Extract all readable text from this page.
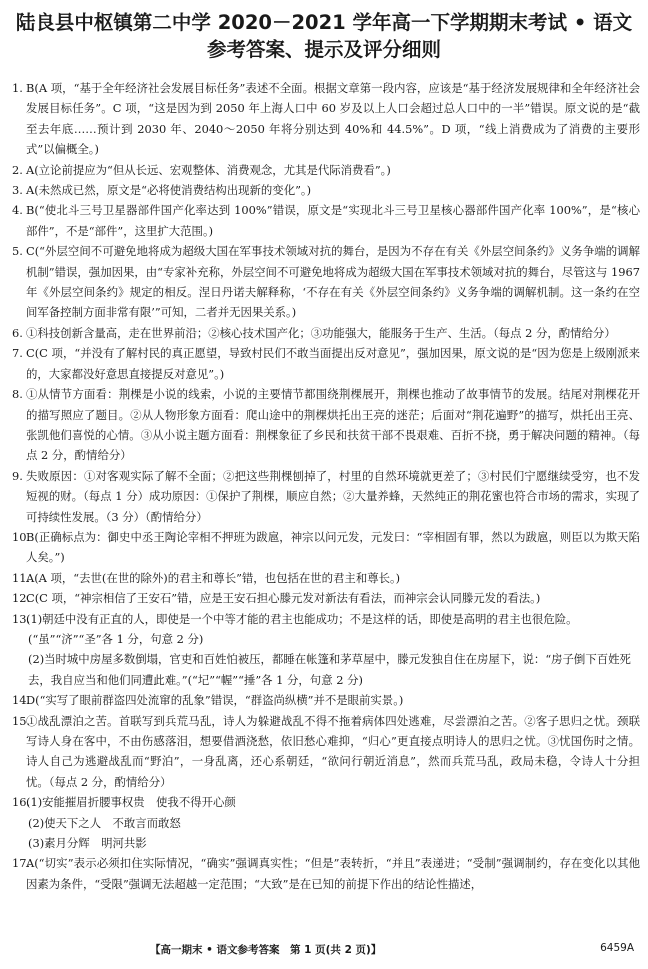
陆良县中枢镇第二中学 2020－2021 学年高一下学期期末考试 • 语文
参考答案、提示及评分细则

1. B(A 项，“基于全年经济社会发展目标任务”表述不全面。根据文章第一段内容，应该是“基于经济发展规律和全年经济社会发展目标任务”。C 项，“这是因为到 2050 年上海人口中 60 岁及以上人口会超过总人口中的一半”错误。原文说的是“截至去年底……预计到 2030 年、2040～2050 年将分别达到 40%和 44.5%”。D 项，“线上消费成为了消费的主要形式”以偏概全。)

2. A(立论前提应为“但从长远、宏观整体、消费观念，尤其是代际消费看”。)

3. A(未然成已然，原文是“必将使消费结构出现新的变化”。)

4. B(“使北斗三号卫星器部件国产化率达到 100%”错误，原文是“实现北斗三号卫星核心器部件国产化率 100%”，是“核心部件”，不是“部件”，这里扩大范围。)

5. C(“外层空间不可避免地将成为超级大国在军事技术领域对抗的舞台，是因为不存在有关《外层空间条约》义务争端的调解机制”错误，强加因果，由“专家补充称，外层空间不可避免地将成为超级大国在军事技术领域对抗的舞台，尽管这与 1967 年《外层空间条约》规定的相反。涅日丹诺夫解释称，‘不存在有关《外层空间条约》义务争端的调解机制。这一条约在空间军备控制方面非常有限’”可知，二者并无因果关系。)

6. ①科技创新含量高，走在世界前沿；②核心技术国产化；③功能强大，能服务于生产、生活。（每点 2 分，酌情给分）

7. C(C 项，“并没有了解村民的真正愿望，导致村民们不敢当面提出反对意见”，强加因果，原文说的是“因为您是上级刚派来的，大家都没好意思直接提反对意见”。)

8. ①从情节方面看：荆棵是小说的线索，小说的主要情节都围绕荆棵展开，荆棵也推动了故事情节的发展。结尾对荆棵花开的描写照应了题目。②从人物形象方面看：爬山途中的荆棵烘托出王亮的迷茫；后面对“荆花遍野”的描写，烘托出王亮、张凯他们喜悦的心情。③从小说主题方面看：荆棵象征了乡民和扶贫干部不畏艰难、百折不挠，勇于解决问题的精神。（每点 2 分，酌情给分）

9. 失败原因：①对客观实际了解不全面；②把这些荆棵刨掉了，村里的自然环境就更差了；③村民们宁愿继续受穷，也不发短视的财。（每点 1 分）成功原因：①保护了荆棵，顺应自然；②大量养蜂，天然纯正的荆花蜜也符合市场的需求，实现了可持续性发展。（3 分）（酌情给分）

10.
B(正确标点为：御史中丞王陶论宰相不押班为跋扈，神宗以问元发，元发曰：“宰相固有罪，然以为跋扈，则臣以为欺天陷人矣。”)

11.
A(A 项，“去世(在世的除外)的君主和尊长”错，也包括在世的君主和尊长。)

12.
C(C 项，“神宗相信了王安石”错，应是王安石担心滕元发对新法有看法，而神宗会认同滕元发的看法。)

13.
(1)朝廷中没有正直的人，即使是一个中等才能的君主也能成功；不是这样的话，即使是高明的君主也很危险。

(“虽”“济”“圣”各 1 分，句意 2 分)

(2)当时城中房屋多数倒塌，官吏和百姓怕被压，都睡在帐篷和茅草屋中，滕元发独自住在房屋下，说：“房子倒下百姓死去，我自应当和他们同遭此难。”(“圮”“幄”“捶”各 1 分，句意 2 分)

14.
D(“实写了眼前群盗四处流窜的乱象”错误，“群盗尚纵横”并不是眼前实景。)

15.
①战乱漂泊之苦。首联写到兵荒马乱，诗人为躲避战乱不得不拖着病体四处逃难，尽尝漂泊之苦。②客子思归之忧。颈联写诗人身在客中，不由伤感落泪，想要借酒浇愁，依旧愁心难抑，“归心”更直接点明诗人的思归之忧。③忧国伤时之情。诗人自己为逃避战乱而“野泊”，一身乱离，还心系朝廷，“欲问行朝近消息”，然而兵荒马乱，政局未稳，令诗人十分担忧。（每点 2 分，酌情给分）

16.
(1)安能摧眉折腰事权贵　使我不得开心颜

(2)使天下之人　不敢言而敢怒

(3)素月分辉　明河共影

17.
A(“切实”表示必须扣住实际情况，“确实”强调真实性；“但是”表转折，“并且”表递进；“受制”强调制约，存在变化以其他因素为条件，“受限”强调无法超越一定范围；“大致”是在已知的前提下作出的结论性描述，

【高一期末 • 语文参考答案　第 1 页(共 2 页)】	6459A
